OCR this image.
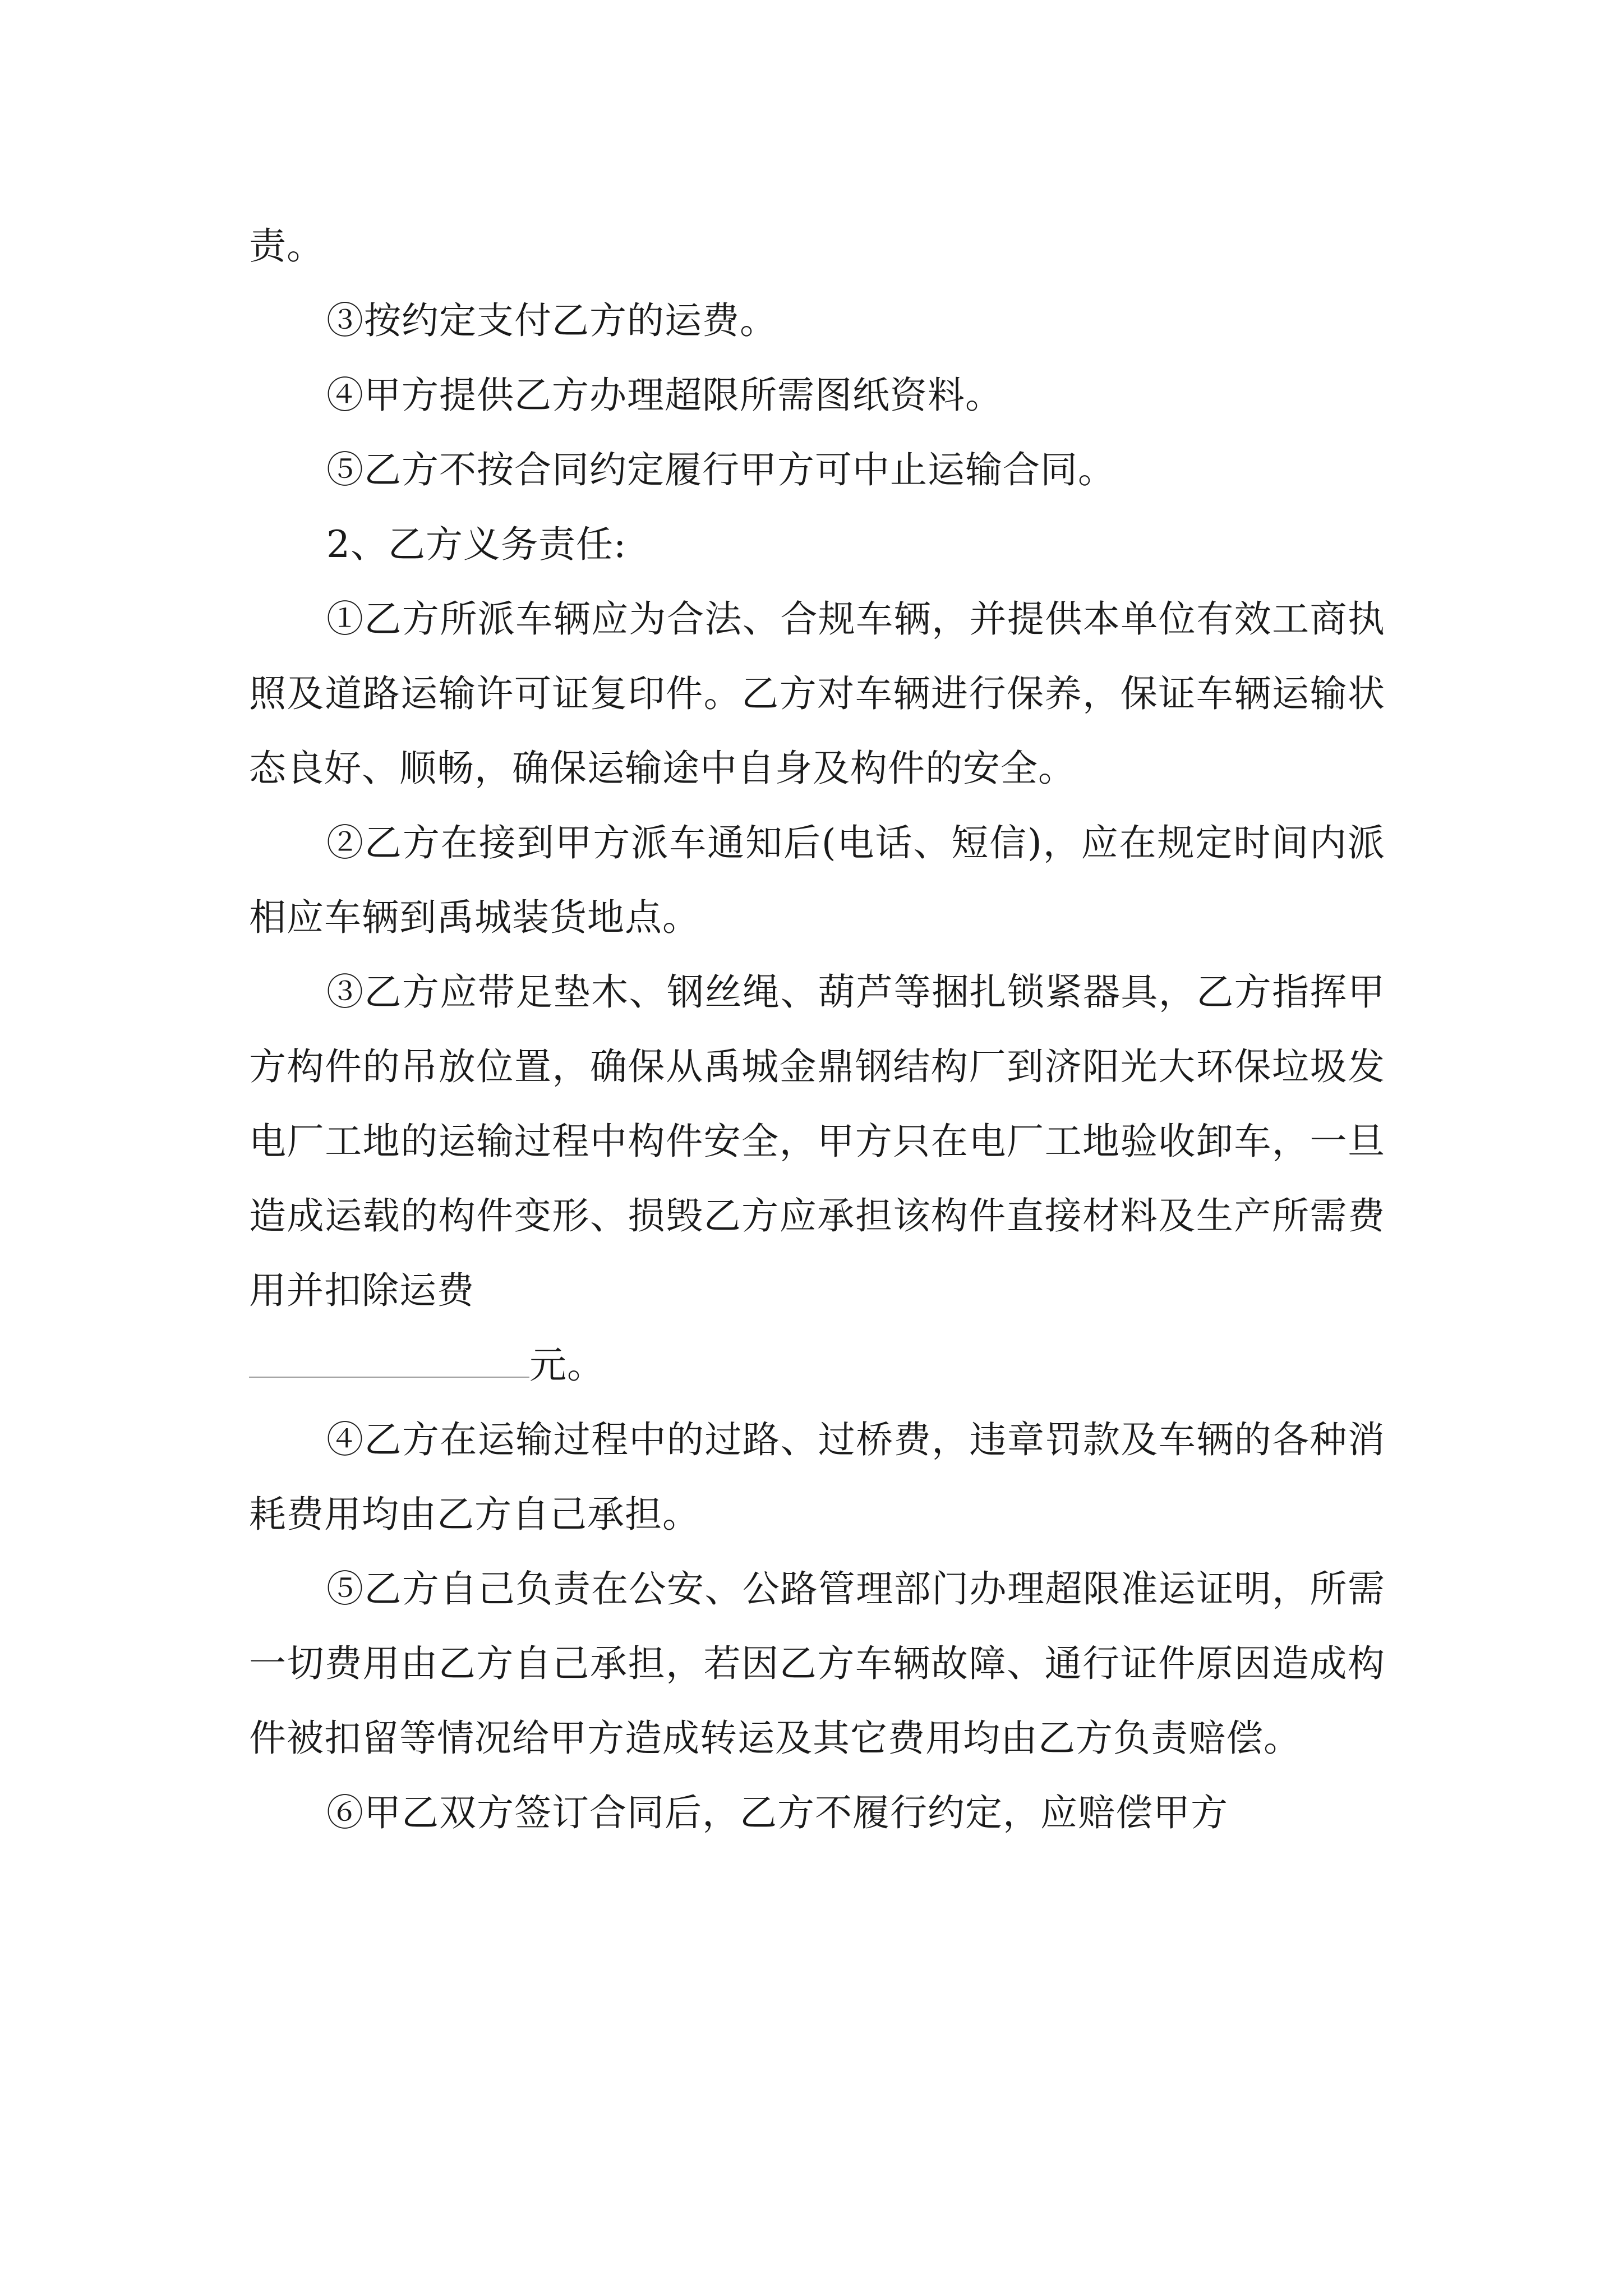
责。

③按约定支付乙方的运费。

④甲方提供乙方办理超限所需图纸资料。

⑤乙方不按合同约定履行甲方可中止运输合同。

2、乙方义务责任:

①乙方所派车辆应为合法、合规车辆，并提供本单位有效工商执照及道路运输许可证复印件。乙方对车辆进行保养，保证车辆运输状态良好、顺畅，确保运输途中自身及构件的安全。

②乙方在接到甲方派车通知后(电话、短信)，应在规定时间内派相应车辆到禹城装货地点。

③乙方应带足垫木、钢丝绳、葫芦等捆扎锁紧器具，乙方指挥甲方构件的吊放位置，确保从禹城金鼎钢结构厂到济阳光大环保垃圾发电厂工地的运输过程中构件安全，甲方只在电厂工地验收卸车，一旦造成运载的构件变形、损毁乙方应承担该构件直接材料及生产所需费用并扣除运费

元。

④乙方在运输过程中的过路、过桥费，违章罚款及车辆的各种消耗费用均由乙方自己承担。

⑤乙方自己负责在公安、公路管理部门办理超限准运证明，所需一切费用由乙方自己承担，若因乙方车辆故障、通行证件原因造成构件被扣留等情况给甲方造成转运及其它费用均由乙方负责赔偿。

⑥甲乙双方签订合同后，乙方不履行约定，应赔偿甲方
